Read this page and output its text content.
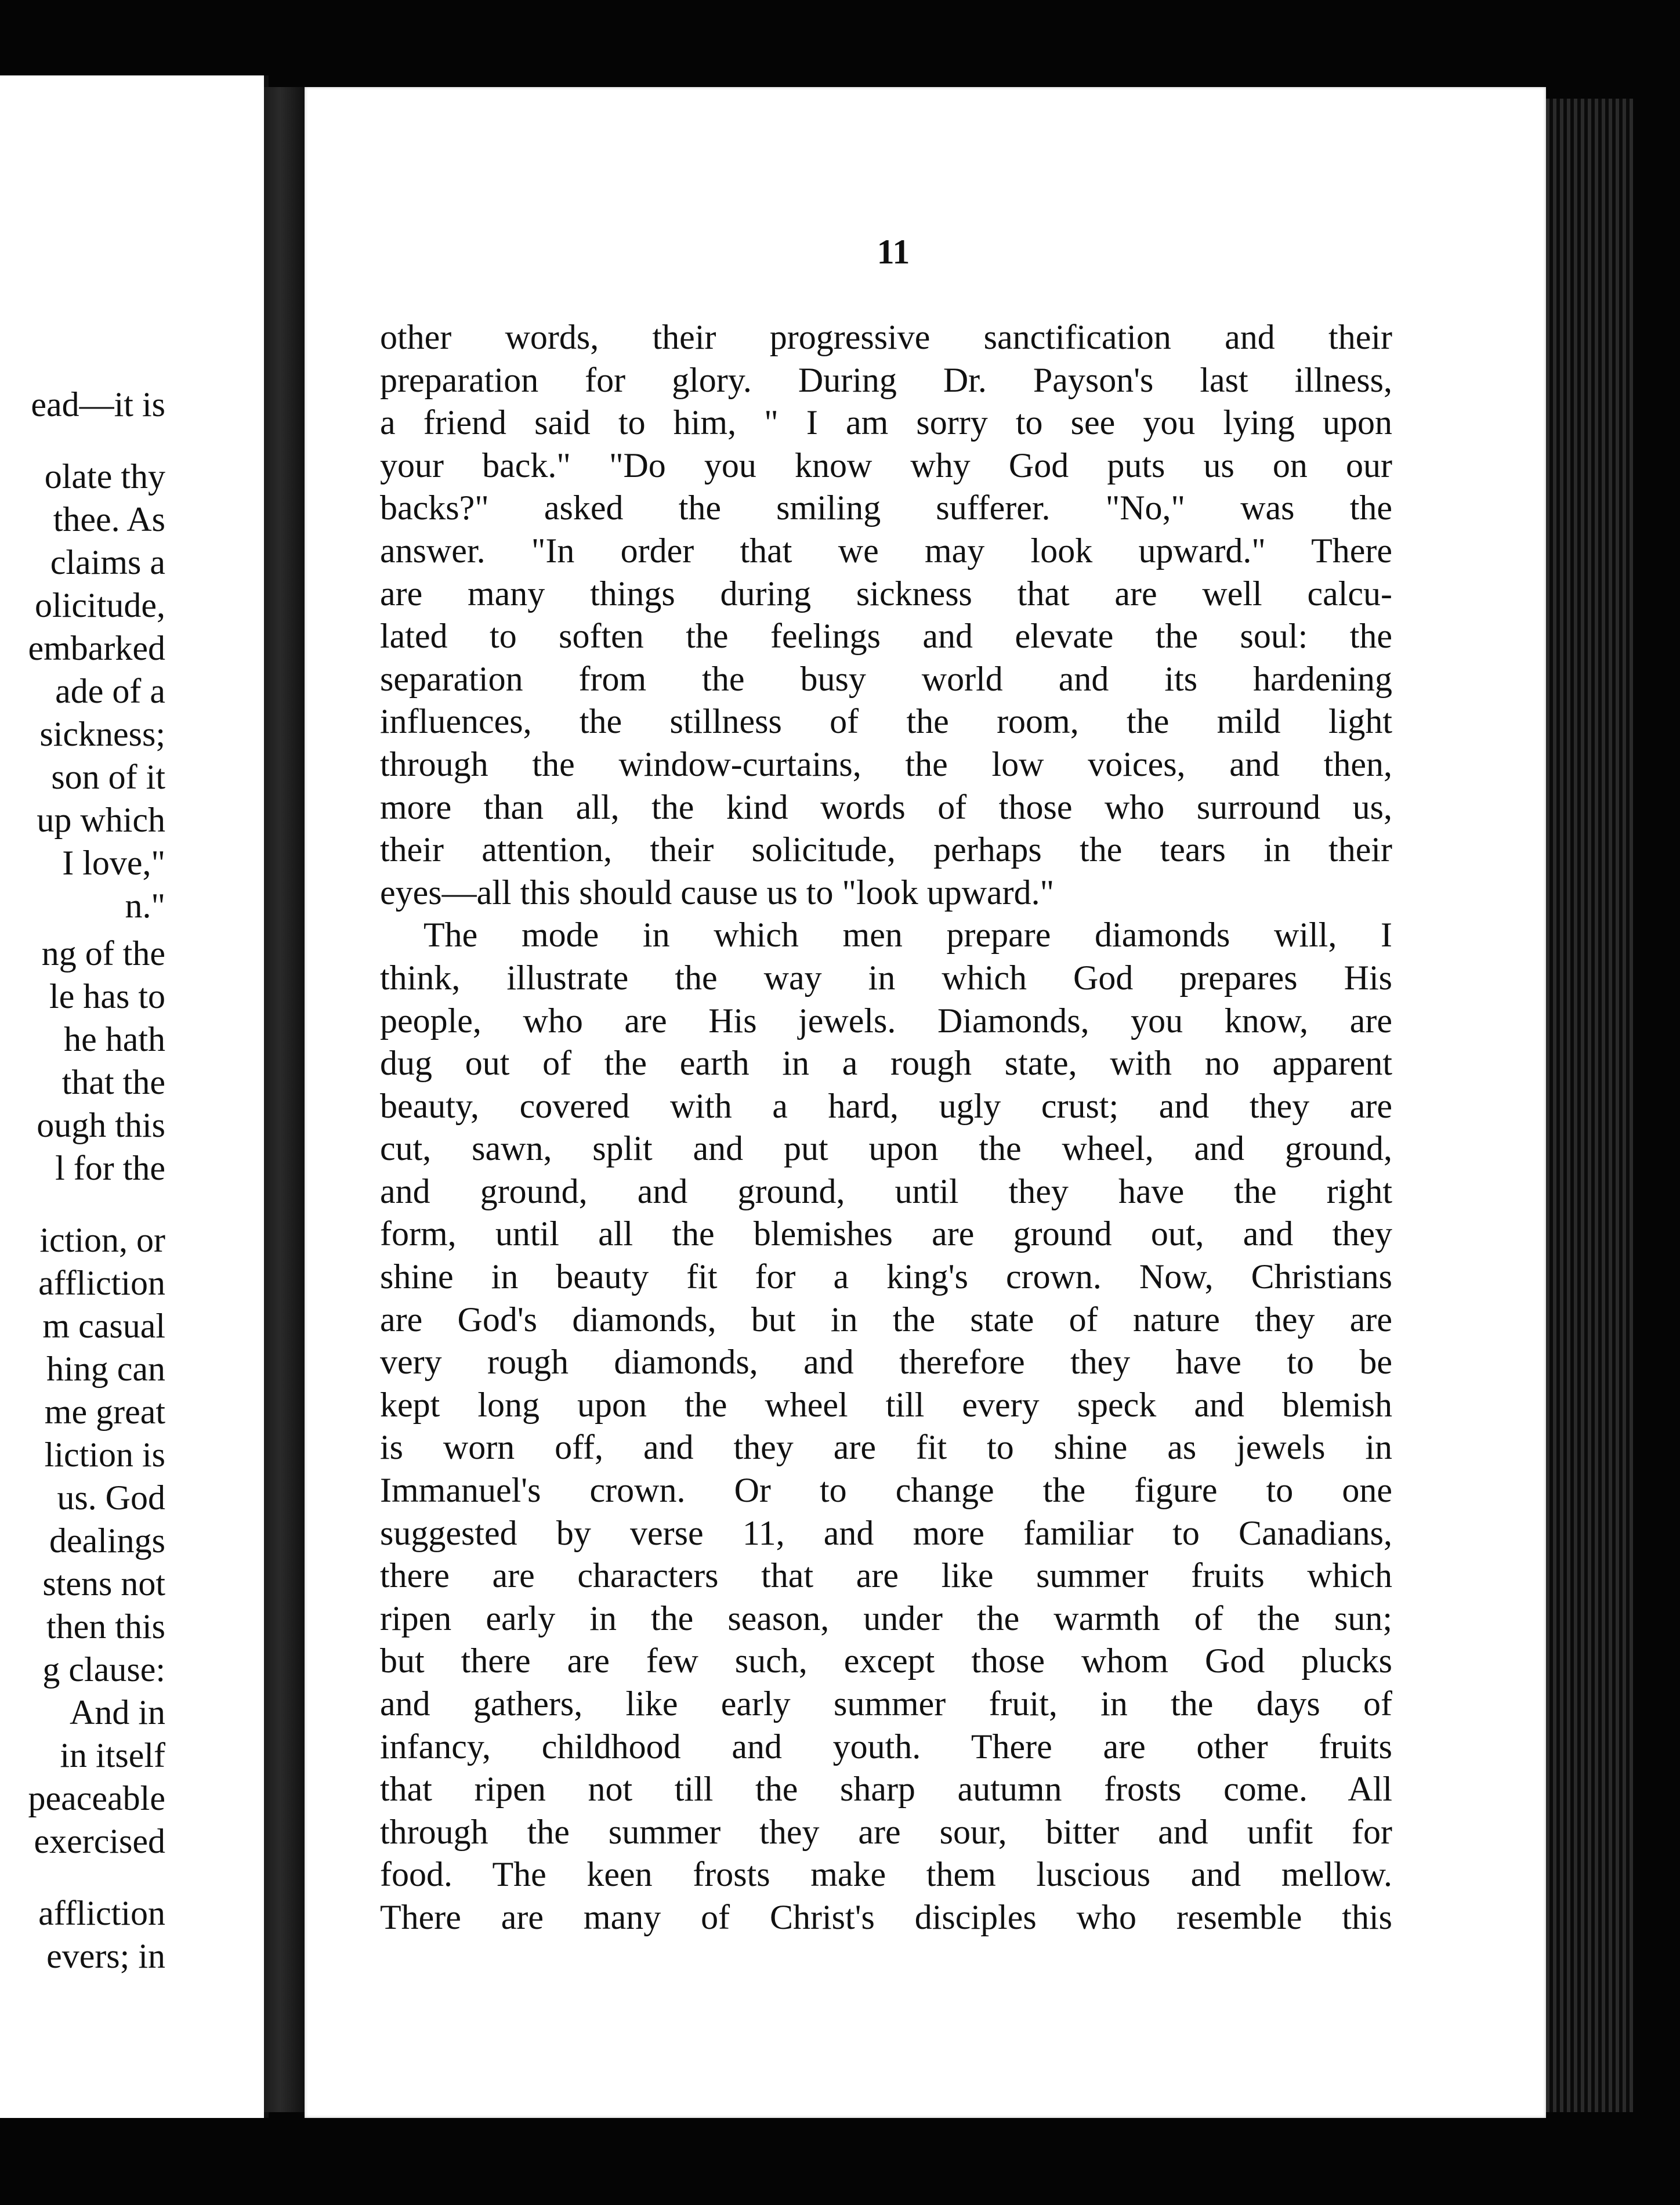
ead—it is
olate thy
thee. As
claims a
olicitude,
embarked
ade of a
sickness;
son of it
up which
I love,"
n."
ng of the
le has to
he hath
that the
ough this
l for the
iction, or
affliction
m casual
hing can
me great
liction is
us. God
dealings
stens not
then this
g clause:
And in
in itself
peaceable
exercised
affliction
evers; in
11
other words, their progressive sanctification and their
preparation for glory. During Dr. Payson's last illness,
a friend said to him, " I am sorry to see you lying upon
your back." "Do you know why God puts us on our
backs?" asked the smiling sufferer. "No," was the
answer. "In order that we may look upward." There
are many things during sickness that are well calcu-
lated to soften the feelings and elevate the soul: the
separation from the busy world and its hardening
influences, the stillness of the room, the mild light
through the window-curtains, the low voices, and then,
more than all, the kind words of those who surround us,
their attention, their solicitude, perhaps the tears in their
eyes—all this should cause us to "look upward."
The mode in which men prepare diamonds will, I
think, illustrate the way in which God prepares His
people, who are His jewels. Diamonds, you know, are
dug out of the earth in a rough state, with no apparent
beauty, covered with a hard, ugly crust; and they are
cut, sawn, split and put upon the wheel, and ground,
and ground, and ground, until they have the right
form, until all the blemishes are ground out, and they
shine in beauty fit for a king's crown. Now, Christians
are God's diamonds, but in the state of nature they are
very rough diamonds, and therefore they have to be
kept long upon the wheel till every speck and blemish
is worn off, and they are fit to shine as jewels in
Immanuel's crown. Or to change the figure to one
suggested by verse 11, and more familiar to Canadians,
there are characters that are like summer fruits which
ripen early in the season, under the warmth of the sun;
but there are few such, except those whom God plucks
and gathers, like early summer fruit, in the days of
infancy, childhood and youth. There are other fruits
that ripen not till the sharp autumn frosts come. All
through the summer they are sour, bitter and unfit for
food. The keen frosts make them luscious and mellow.
There are many of Christ's disciples who resemble this
